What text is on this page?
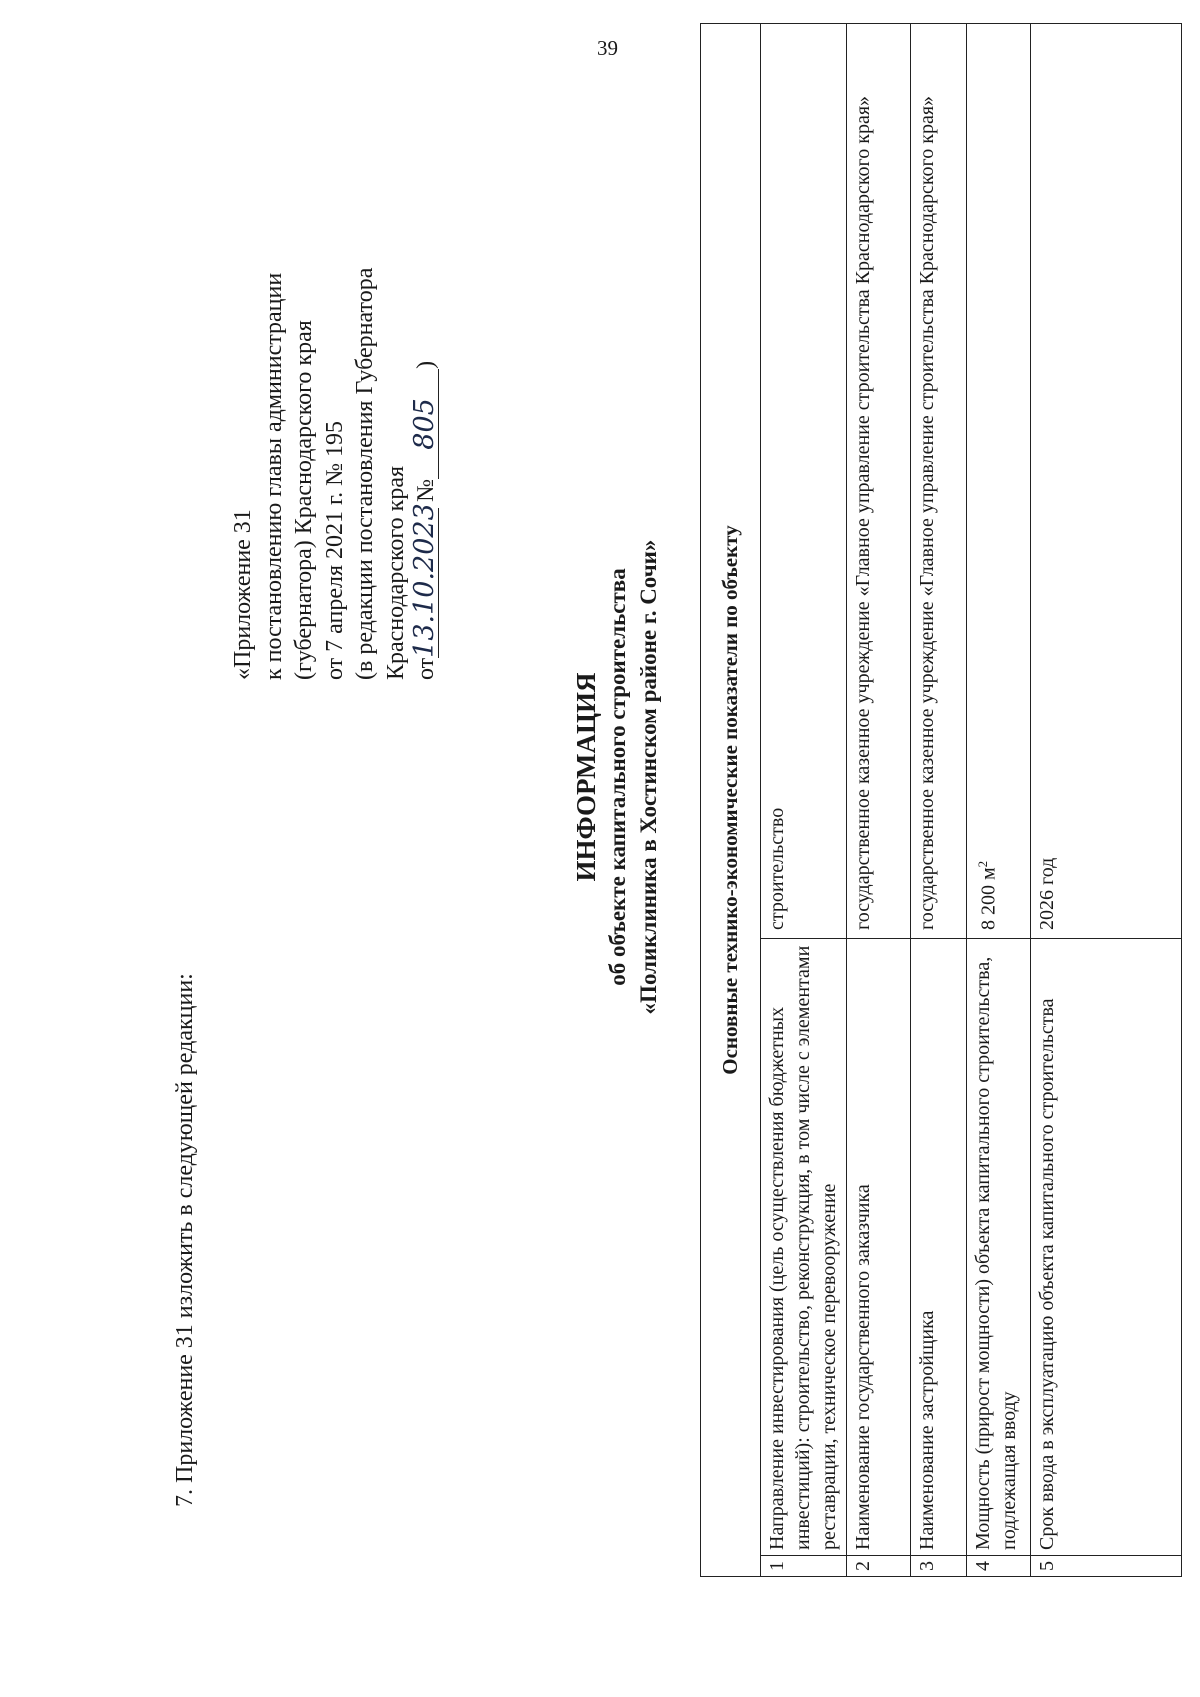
39
7. Приложение 31 изложить в следующей редакции:
«Приложение 31 к постановлению главы администрации (губернатора) Краснодарского края от 7 апреля 2021 г. № 195 (в редакции постановления Губернатора Краснодарского края от13.10.2023 №805)
ИНФОРМАЦИЯ об объекте капитального строительства «Поликлиника в Хостинском районе г. Сочи»	Основные технико-экономические показатели по объекту
1
Направление инвестирования (цель осуществления бюджетных инвестиций): строительство, реконструкция, в том числе с элементами реставрации, техническое перевооружение
строительство
2
Наименование государственного заказчика
государственное казенное учреждение «Главное управление строительства Краснодарского края»
3
Наименование застройщика
государственное казенное учреждение «Главное управление строительства Краснодарского края»
4
Мощность (прирост мощности) объекта капитального строительства, подлежащая вводу
8 200 $м^2$
5
Срок ввода в эксплуатацию объекта капитального строительства
2026 год
